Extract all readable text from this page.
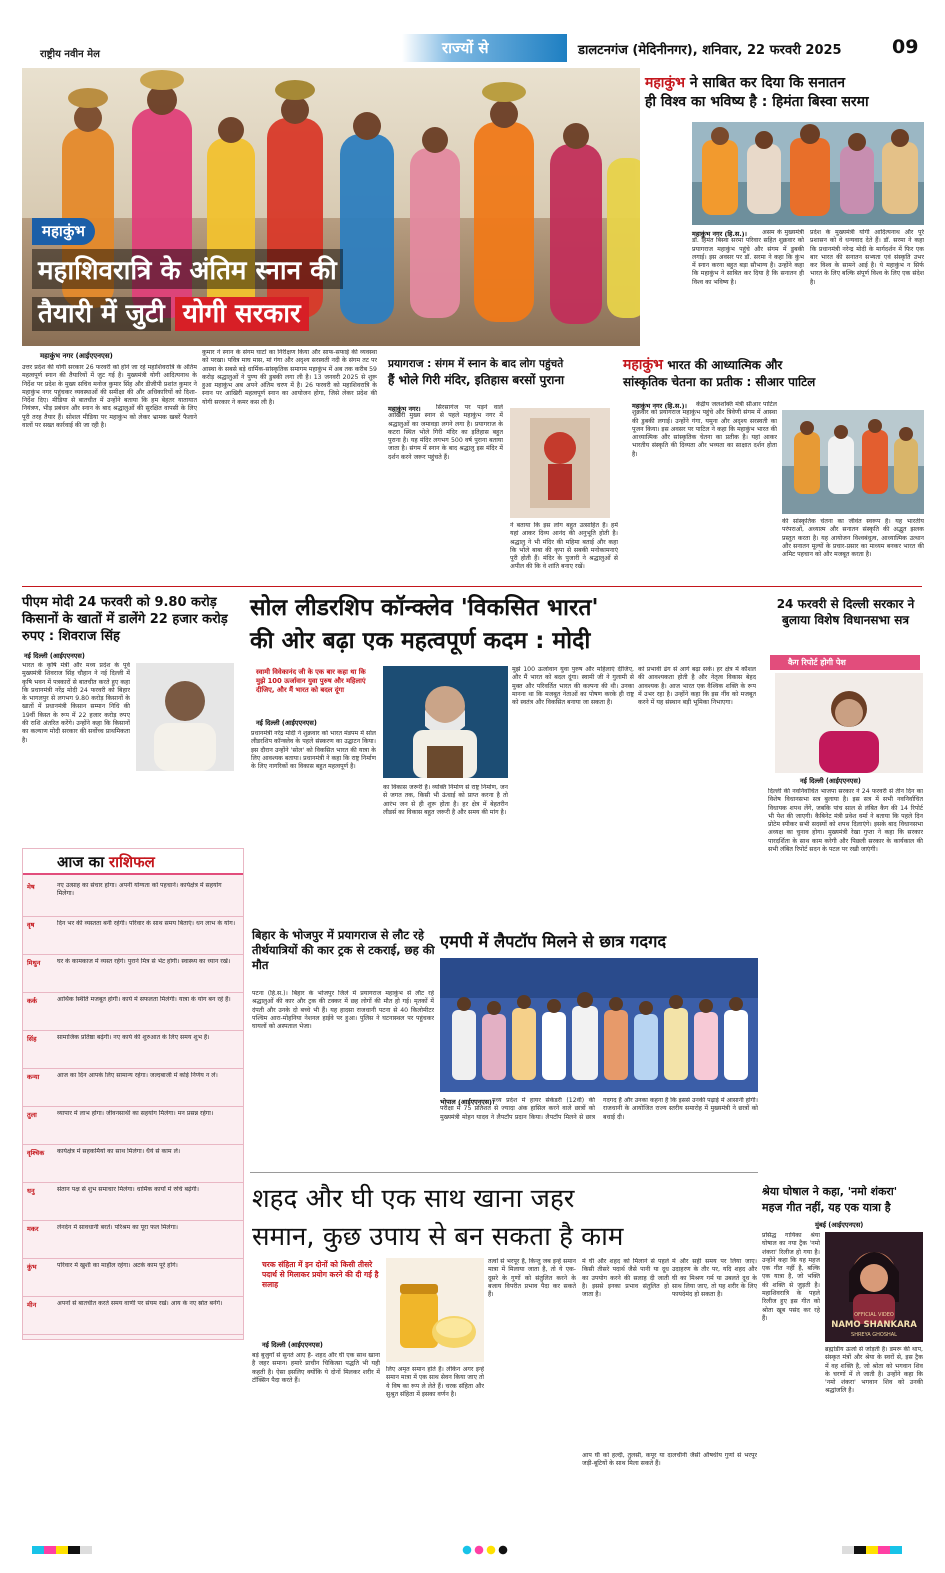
राष्ट्रीय नवीन मेल	राज्यों से	डालटनगंज (मेदिनीनगर), शनिवार, 22 फरवरी 2025	09
महाकुंभ
महाशिवरात्रि के अंतिम स्नान की
तैयारी में जुटी योगी सरकार
महाकुंभ नगर (आईएएनएस)
उत्तर प्रदेश की योगी सरकार 26 फरवरी को होने जा रहे महाशिवरात्रि के अंतिम महत्वपूर्ण स्नान की तैयारियों में जुट गई है। मुख्यमंत्री योगी आदित्यनाथ के निर्देश पर प्रदेश के मुख्य सचिव मनोज कुमार सिंह और डीजीपी प्रशांत कुमार ने महाकुंभ नगर पहुंचकर व्यवस्थाओं की समीक्षा की और अधिकारियों को दिशा-निर्देश दिए। मीडिया से बातचीत में उन्होंने बताया कि हम बेहतर यातायात नियंत्रण, भीड़ प्रबंधन और स्नान के बाद श्रद्धालुओं की सुरक्षित वापसी के लिए पूरी तरह तैयार हैं। सोशल मीडिया पर महाकुंभ को लेकर भ्रामक खबरें फैलाने वालों पर सख्त कार्रवाई की जा रही है।
कुमार ने स्नान के संगम घाटों का निरीक्षण किया और साफ-सफाई की व्यवस्था को परखा। पवित्र माघ मास, मां गंगा और अदृश्य सरस्वती नदी के संगम तट पर आस्था के सबसे बड़े धार्मिक-सांस्कृतिक समागम महाकुंभ में अब तक करीब 59 करोड़ श्रद्धालुओं ने पुण्य की डुबकी लगा ली है। 13 जनवरी 2025 से शुरू हुआ महाकुंभ अब अपने अंतिम चरण में है। 26 फरवरी को महाशिवरात्रि के स्नान पर आखिरी महत्वपूर्ण स्नान का आयोजन होगा, जिसे लेकर प्रदेश की योगी सरकार ने कमर कस ली है।
महाकुंभ ने साबित कर दिया कि सनातन
ही विश्व का भविष्य है : हिमंता बिस्वा सरमा
महाकुंभ नगर (हि.स.)।	असम के मुख्यमंत्री डॉ. हिमंत बिस्वा सरमा परिवार सहित शुक्रवार को प्रयागराज महाकुंभ पहुंचे और संगम में डुबकी लगाई। इस अवसर पर डॉ. सरमा ने कहा कि कुंभ में स्नान करना बहुत बड़ा सौभाग्य है। उन्होंने कहा कि महाकुंभ ने साबित कर दिया है कि सनातन ही विश्व का भविष्य है।
प्रदेश के मुख्यमंत्री योगी आदित्यनाथ और पूरे प्रशासन को वे धन्यवाद देते हैं। डॉ. सरमा ने कहा कि प्रधानमंत्री नरेन्द्र मोदी के मार्गदर्शन में फिर एक बार भारत की सनातन सभ्यता एवं संस्कृति उभर कर विश्व के सामने आई है। ये महाकुंभ न सिर्फ भारत के लिए बल्कि संपूर्ण विश्व के लिए एक संदेश है।
प्रयागराज : संगम में स्नान के बाद लोग पहुंचते
हैं भोले गिरी मंदिर, इतिहास बरसों पुराना
महाकुंभ नगर।	सिरसागंज पर पड़ने वाले आखिरी मुख्य स्नान से पहले महाकुंभ नगर में श्रद्धालुओं का जमावड़ा लगने लगा है। प्रयागराज के कटरा स्थित भोले गिरी मंदिर का इतिहास बहुत पुराना है। यह मंदिर लगभग 500 वर्ष पुराना बताया जाता है। संगम में स्नान के बाद श्रद्धालु इस मंदिर में दर्शन करने जरूर पहुंचते हैं।
ने बताया कि इस लोग बहुत उत्साहित हैं। हमें यहां आकर दिव्य आनंद की अनुभूति होती है। श्रद्धालु ने भी मंदिर की महिमा बताई और कहा कि भोले बाबा की कृपा से सबकी मनोकामनाएं पूरी होती हैं। मंदिर के पुजारी ने श्रद्धालुओं से अपील की कि वे शांति बनाए रखें।
महाकुंभ भारत की आध्यात्मिक और
सांस्कृतिक चेतना का प्रतीक : सीआर पाटिल
महाकुंभ नगर (हि.स.)।	केंद्रीय जलशक्ति मंत्री सीआर पाटिल शुक्रवार को प्रयागराज महाकुंभ पहुंचे और त्रिवेणी संगम में आस्था की डुबकी लगाई। उन्होंने गंगा, यमुना और अदृश्य सरस्वती का पूजन किया। इस अवसर पर पाटिल ने कहा कि महाकुंभ भारत की आध्यात्मिक और सांस्कृतिक चेतना का प्रतीक है। यहां आकर भारतीय संस्कृति की दिव्यता और भव्यता का साक्षात दर्शन होता है।
की सांस्कृतिक चेतना का जीवंत स्वरूप है। यह भारतीय परंपराओं, अध्यात्म और सनातन संस्कृति की अद्भुत झलक प्रस्तुत करता है। यह आयोजन विश्वबंधुत्व, आध्यात्मिक उत्थान और सनातन मूल्यों के प्रचार-प्रसार का माध्यम बनकर भारत की अमिट पहचान को और मजबूत करता है।
पीएम मोदी 24 फरवरी को 9.80 करोड़ किसानों के खातों में डालेंगे 22 हजार करोड़ रुपए : शिवराज सिंह
नई दिल्ली (आईएएनएस)
भारत के कृषि मंत्री और मध्य प्रदेश के पूर्व मुख्यमंत्री शिवराज सिंह चौहान ने नई दिल्ली में कृषि भवन में पत्रकारों से बातचीत करते हुए कहा कि प्रधानमंत्री नरेंद्र मोदी 24 फरवरी को बिहार के भागलपुर से लगभग 9.80 करोड़ किसानों के खातों में प्रधानमंत्री किसान सम्मान निधि की 19वीं किस्त के रूप में 22 हजार करोड़ रुपए की राशि अंतरित करेंगे। उन्होंने कहा कि किसानों का कल्याण मोदी सरकार की सर्वोच्च प्राथमिकता है।
सोल लीडरशिप कॉन्क्लेव 'विकसित भारत'
की ओर बढ़ा एक महत्वपूर्ण कदम : मोदी
स्वामी विवेकानंद जी के एक बार कहा था कि मुझे 100 ऊर्जावान युवा पुरुष और महिलाएं दीजिए, और मैं भारत को बदल दूंगा
नई दिल्ली (आईएएनएस)
प्रधानमंत्री नरेंद्र मोदी ने शुक्रवार को भारत मंडपम में सोल लीडरशिप कॉन्क्लेव के पहले संस्करण का उद्घाटन किया। इस दौरान उन्होंने 'सोल' को विकसित भारत की यात्रा के लिए आवश्यक बताया। प्रधानमंत्री ने कहा कि राष्ट्र निर्माण के लिए नागरिकों का विकास बहुत महत्वपूर्ण है।
का विकास जरूरी है। व्यक्ति निर्माण से राष्ट्र निर्माण, जन से जगत तक, किसी भी ऊंचाई को प्राप्त करना है तो आरंभ जन से ही शुरू होता है। हर क्षेत्र में बेहतरीन लीडर्स का विकास बहुत जरूरी है और समय की मांग है।
मुझे 100 ऊर्जावान युवा पुरुष और महिलाएं दीजिए, और मैं भारत को बदल दूंगा। स्वामी जी ने गुलामी से मुक्त और परिवर्तित भारत की कल्पना की थी। उनका मानना था कि मजबूत नेताओं का पोषण करके ही राष्ट्र को स्वतंत्र और विकसित बनाया जा सकता है।
को प्रभावी ढंग से आगे बढ़ा सकें। हर क्षेत्र में कौशल की आवश्यकता होती है और नेतृत्व विकास बेहद आवश्यक है। आज भारत एक वैश्विक शक्ति के रूप में उभर रहा है। उन्होंने कहा कि इस नींव को मजबूत करने में यह संस्थान बड़ी भूमिका निभाएगा।
24 फरवरी से दिल्ली सरकार ने बुलाया विशेष विधानसभा सत्र
कैग रिपोर्ट होगी पेश
नई दिल्ली (आईएएनएस)
दिल्ली की नवनिर्वाचित भाजपा सरकार ने 24 फरवरी से तीन दिन का विशेष विधानसभा सत्र बुलाया है। इस सत्र में सभी नवनिर्वाचित विधायक शपथ लेंगे, जबकि पांच साल से लंबित कैग की 14 रिपोर्ट भी पेश की जाएगी। कैबिनेट मंत्री प्रवेश वर्मा ने बताया कि पहले दिन प्रोटेम स्पीकर सभी सदस्यों को शपथ दिलाएंगे। इसके बाद विधानसभा अध्यक्ष का चुनाव होगा। मुख्यमंत्री रेखा गुप्ता ने कहा कि सरकार पारदर्शिता के साथ काम करेगी और पिछली सरकार के कार्यकाल की सभी लंबित रिपोर्ट सदन के पटल पर रखी जाएंगी।
आज का राशिफल
मेष	नए उत्साह का संचार होगा। अपनी योग्यता को पहचानें। कार्यक्षेत्र में सहयोग मिलेगा।
वृष	दिन भर की व्यस्तता बनी रहेगी। परिवार के साथ समय बिताएं। धन लाभ के योग।
मिथुन	घर के कामकाज में व्यस्त रहेंगे। पुराने मित्र से भेंट होगी। स्वास्थ्य का ध्यान रखें।
कर्क	आर्थिक स्थिति मजबूत होगी। कार्य में सफलता मिलेगी। यात्रा के योग बन रहे हैं।
सिंह	सामाजिक प्रतिष्ठा बढ़ेगी। नए कार्य की शुरुआत के लिए समय शुभ है।
कन्या	आज का दिन आपके लिए सामान्य रहेगा। जल्दबाजी में कोई निर्णय न लें।
तुला	व्यापार में लाभ होगा। जीवनसाथी का सहयोग मिलेगा। मन प्रसन्न रहेगा।
वृश्चिक	कार्यक्षेत्र में सहकर्मियों का साथ मिलेगा। धैर्य से काम लें।
धनु	संतान पक्ष से शुभ समाचार मिलेगा। धार्मिक कार्यों में रुचि बढ़ेगी।
मकर	लेनदेन में सावधानी बरतें। परिश्रम का पूरा फल मिलेगा।
कुंभ	परिवार में खुशी का माहौल रहेगा। अटके काम पूरे होंगे।
मीन	अपनों से बातचीत करते समय वाणी पर संयम रखें। आय के नए स्रोत बनेंगे।
बिहार के भोजपुर में प्रयागराज से लौट रहे तीर्थयात्रियों की कार ट्रक से टकराई, छह की मौत
पटना (हि.स.)। बिहार के भोजपुर जिले में प्रयागराज महाकुंभ से लौट रहे श्रद्धालुओं की कार और ट्रक की टक्कर में छह लोगों की मौत हो गई। मृतकों में दंपती और उनके दो बच्चे भी हैं। यह हादसा राजधानी पटना से 40 किलोमीटर पश्चिम आरा-मोहनिया नेशनल हाईवे पर हुआ। पुलिस ने घटनास्थल पर पहुंचकर घायलों को अस्पताल भेजा।
एमपी में लैपटॉप मिलने से छात्र गदगद
भोपाल (आईएएनएस)।
मध्य प्रदेश में हायर सेकेंडरी (12वीं) की परीक्षा में 75 प्रतिशत से ज्यादा अंक हासिल करने वाले छात्रों को मुख्यमंत्री मोहन यादव ने लैपटॉप प्रदान किया। लैपटॉप मिलने से छात्र गदगद हैं और उनका कहना है कि इससे उनकी पढ़ाई में आसानी होगी। राजधानी के आयोजित राज्य स्तरीय समारोह में मुख्यमंत्री ने छात्रों को बधाई दी।
शहद और घी एक साथ खाना जहर
समान, कुछ उपाय से बन सकता है काम
चरक संहिता में इन दोनों को किसी तीसरे पदार्थ से मिलाकर प्रयोग करने की दी गई है सलाह
नई दिल्ली (आईएएनएस)
बड़े बुजुर्गों से सुनते आए हैं- शहद और घी एक साथ खाना है जहर समान। हमारे प्राचीन चिकित्सा पद्धति भी यही कहती है। ऐसा इसलिए क्योंकि ये दोनों मिलकर शरीर में टॉक्सिन पैदा करते हैं।
लिए अमृत समान होते हैं। लेकिन अगर इन्हें समान मात्रा में एक साथ सेवन किया जाए तो ये विष का रूप ले लेते हैं। चरक संहिता और सुश्रुत संहिता में इसका वर्णन है।
तत्वों से भरपूर हैं, किन्तु जब इन्हें समान मात्रा में मिलाया जाता है, तो ये एक-दूसरे के गुणों को संतुलित करने के बजाय विपरीत प्रभाव पैदा कर सकते हैं।
में घी और शहद को मिलाने से पहले किसी तीसरे पदार्थ जैसे पानी या दूध का उपयोग करने की सलाह दी जाती है। इससे इनका प्रभाव संतुलित हो जाता है।
में और सही समय पर लिया जाए। उदाहरण के तौर पर, यदि शहद और घी का मिश्रण गर्म या उबलते दूध के साथ लिया जाए, तो यह शरीर के लिए फायदेमंद हो सकता है।
आप घी को हल्दी, तुलसी, कपूर या दालचीनी जैसी औषधीय गुणों से भरपूर जड़ी-बूटियों के साथ मिला सकते हैं।
श्रेया घोषाल ने कहा, 'नमो शंकरा'
महज गीत नहीं, यह एक यात्रा है
मुंबई (आईएएनएस)
प्रसिद्ध गायिका श्रेया घोषाल का नया ट्रैक 'नमो शंकरा' रिलीज हो गया है। उन्होंने कहा कि यह महज एक गीत नहीं है, बल्कि एक यात्रा है, जो भक्ति की शक्ति से जुड़ती है। महाशिवरात्रि के पहले रिलीज हुए इस गीत को श्रोता खूब पसंद कर रहे हैं।	OFFICIAL VIDEO
NAMO SHANKARA
SHREYA GHOSHAL
ब्रह्मांडीय ऊर्जा से जोड़ती है। डमरू की थाप, संस्कृत मंत्रों और श्रेया के स्वरों से, इस ट्रैक में वह शक्ति है, जो श्रोता को भगवान शिव के चरणों में ले जाती है। उन्होंने कहा कि 'नमो शंकरा' भगवान शिव को उनकी श्रद्धांजलि है।
